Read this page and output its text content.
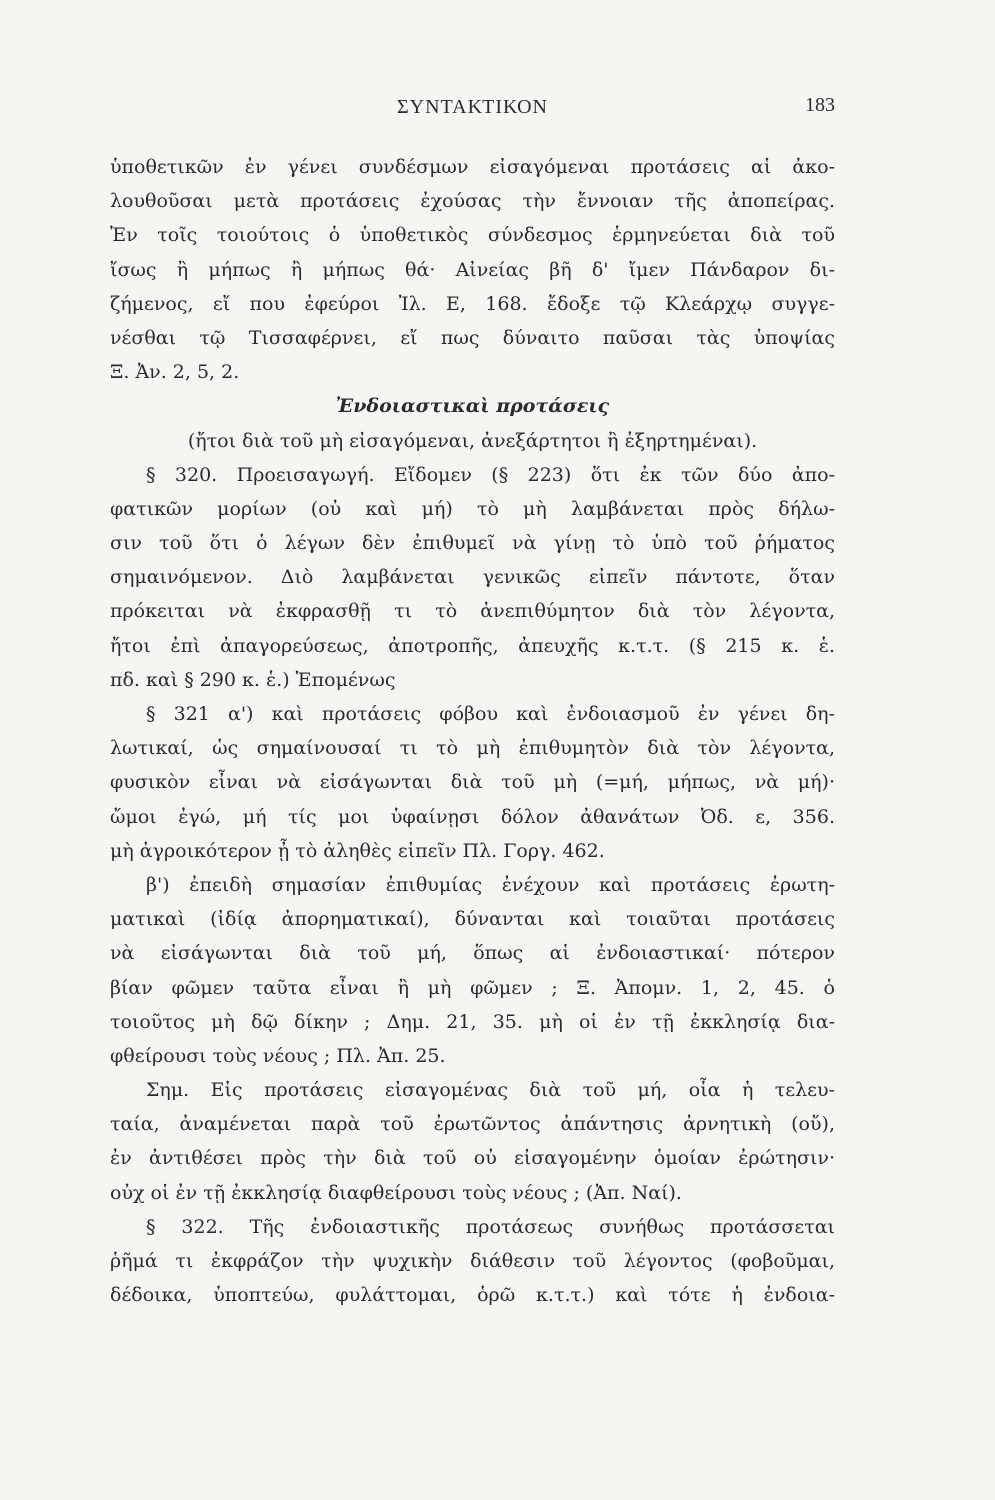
ΣΥΝΤΑΚΤΙΚΟΝ	183
ὑποθετικῶν ἐν γένει συνδέσμων εἰσαγόμεναι προτάσεις αἱ ἀκο-
λουθοῦσαι μετὰ προτάσεις ἐχούσας τὴν ἔννοιαν τῆς ἀποπείρας.
Ἐν τοῖς τοιούτοις ὁ ὑποθετικὸς σύνδεσμος ἑρμηνεύεται διὰ τοῦ
ἴσως ἢ μήπως ἢ μήπως θά· Αἰνείας βῆ δ' ἴμεν Πάνδαρον δι-
ζήμενος, εἴ που ἐφεύροι Ἰλ. Ε, 168. ἔδοξε τῷ Κλεάρχῳ συγγε-
νέσθαι τῷ Τισσαφέρνει, εἴ πως δύναιτο παῦσαι τὰς ὑποψίας
Ξ. Ἀν. 2, 5, 2.
Ἐνδοιαστικαὶ προτάσεις
(ἤτοι διὰ τοῦ μὴ εἰσαγόμεναι, ἀνεξάρτητοι ἢ ἐξηρτημέναι).
§ 320. Προεισαγωγή. Εἴδομεν (§ 223) ὅτι ἐκ τῶν δύο ἀπο-
φατικῶν μορίων (οὐ καὶ μή) τὸ μὴ λαμβάνεται πρὸς δήλω-
σιν τοῦ ὅτι ὁ λέγων δὲν ἐπιθυμεῖ νὰ γίνῃ τὸ ὑπὸ τοῦ ῥήματος
σημαινόμενον. Διὸ λαμβάνεται γενικῶς εἰπεῖν πάντοτε, ὅταν
πρόκειται νὰ ἐκφρασθῇ τι τὸ ἀνεπιθύμητον διὰ τὸν λέγοντα,
ἤτοι ἐπὶ ἀπαγορεύσεως, ἀποτροπῆς, ἀπευχῆς κ.τ.τ. (§ 215 κ. ἑ.
πδ. καὶ § 290 κ. ἑ.) Ἑπομένως
§ 321 α') καὶ προτάσεις φόβου καὶ ἐνδοιασμοῦ ἐν γένει δη-
λωτικαί, ὡς σημαίνουσαί τι τὸ μὴ ἐπιθυμητὸν διὰ τὸν λέγοντα,
φυσικὸν εἶναι νὰ εἰσάγωνται διὰ τοῦ μὴ (=μή, μήπως, νὰ μή)·
ὤμοι ἐγώ, μή τίς μοι ὑφαίνῃσι δόλον ἀθανάτων Ὀδ. ε, 356.
μὴ ἀγροικότερον ᾖ τὸ ἀληθὲς εἰπεῖν Πλ. Γοργ. 462.
β') ἐπειδὴ σημασίαν ἐπιθυμίας ἐνέχουν καὶ προτάσεις ἐρωτη-
ματικαὶ (ἰδίᾳ ἀπορηματικαί), δύνανται καὶ τοιαῦται προτάσεις
νὰ εἰσάγωνται διὰ τοῦ μή, ὅπως αἱ ἐνδοιαστικαί· πότερον
βίαν φῶμεν ταῦτα εἶναι ἢ μὴ φῶμεν ; Ξ. Ἀπομν. 1, 2, 45. ὁ
τοιοῦτος μὴ δῷ δίκην ; Δημ. 21, 35. μὴ οἱ ἐν τῇ ἐκκλησίᾳ δια-
φθείρουσι τοὺς νέους ; Πλ. Ἀπ. 25.
Σημ. Εἰς προτάσεις εἰσαγομένας διὰ τοῦ μή, οἷα ἡ τελευ-
ταία, ἀναμένεται παρὰ τοῦ ἐρωτῶντος ἀπάντησις ἀρνητικὴ (οὔ),
ἐν ἀντιθέσει πρὸς τὴν διὰ τοῦ οὐ εἰσαγομένην ὁμοίαν ἐρώτησιν·
οὐχ οἱ ἐν τῇ ἐκκλησίᾳ διαφθείρουσι τοὺς νέους ; (Ἀπ. Ναί).
§ 322. Τῆς ἐνδοιαστικῆς προτάσεως συνήθως προτάσσεται
ῥῆμά τι ἐκφράζον τὴν ψυχικὴν διάθεσιν τοῦ λέγοντος (φοβοῦμαι,
δέδοικα, ὑποπτεύω, φυλάττομαι, ὁρῶ κ.τ.τ.) καὶ τότε ἡ ἐνδοια-
